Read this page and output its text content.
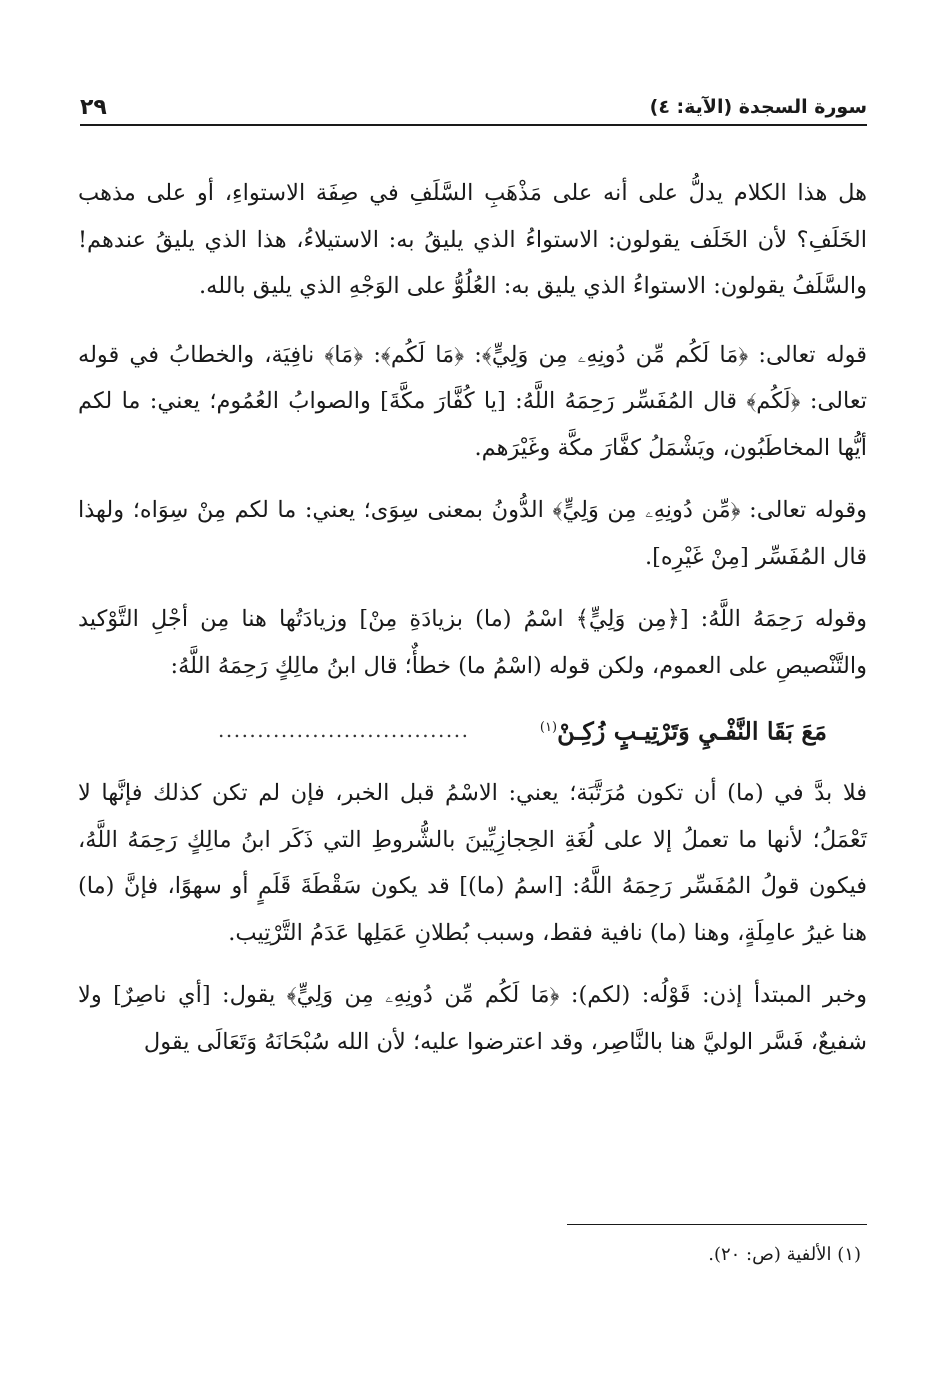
سورة السجدة (الآية: ٤)
٢٩

هل هذا الكلام يدلُّ على أنه على مَذْهَبِ السَّلَفِ في صِفَة الاستواءِ، أو على مذهب الخَلَفِ؟ لأن الخَلَف يقولون: الاستواءُ الذي يليقُ به: الاستيلاءُ، هذا الذي يليقُ عندهم! والسَّلَفُ يقولون: الاستواءُ الذي يليق به: العُلُوُّ على الوَجْهِ الذي يليق بالله.

قوله تعالى: ﴿مَا لَكُم مِّن دُونِهِۦ مِن وَلِيٍّ﴾: ﴿مَا لَكُم﴾: ﴿مَا﴾ نافِيَة، والخطابُ في قوله تعالى: ﴿لَكُم﴾ قال المُفَسِّر رَحِمَهُ اللَّهُ: [يا كُفَّارَ مكَّةَ] والصوابُ العُمُوم؛ يعني: ما لكم أيُّها المخاطَبُون، ويَشْمَلُ كفَّارَ مكَّة وغَيْرَهم.

وقوله تعالى: ﴿مِّن دُونِهِۦ مِن وَلِيٍّ﴾ الدُّونُ بمعنى سِوَى؛ يعني: ما لكم مِنْ سِوَاه؛ ولهذا قال المُفَسِّر [مِنْ غَيْرِه].

وقوله رَحِمَهُ اللَّهُ: [﴿مِن وَلِيٍّ﴾ اسْمُ (ما) بزيادَةِ مِنْ] وزيادَتُها هنا مِن أجْلِ التَّوْكيد والتَّنْصيصِ على العموم، ولكن قوله (اسْمُ ما) خطأٌ؛ قال ابنُ مالِكٍ رَحِمَهُ اللَّهُ:

مَعَ بَقَا النَّفْـيِ وَتَرْتِيـبٍ زُكِـنْ$^{(١)}$
................................

فلا بدَّ في (ما) أن تكون مُرَتَّبَة؛ يعني: الاسْمُ قبل الخبر، فإن لم تكن كذلك فإنَّها لا تَعْمَلُ؛ لأنها ما تعملُ إلا على لُغَةِ الحِجازِيِّينَ بالشُّروطِ التي ذَكَر ابنُ مالِكٍ رَحِمَهُ اللَّهُ، فيكون قولُ المُفَسِّر رَحِمَهُ اللَّهُ: [اسمُ (ما)] قد يكون سَقْطَةَ قَلَمٍ أو سهوًا، فإنَّ (ما) هنا غيرُ عامِلَةٍ، وهنا (ما) نافية فقط، وسبب بُطلانِ عَمَلِها عَدَمُ التَّرْتِيب.

وخبر المبتدأ إذن: قَوْلُه: (لكم): ﴿مَا لَكُم مِّن دُونِهِۦ مِن وَلِيٍّ﴾ يقول: [أي ناصِرٌ] ولا شفيعٌ، فَسَّر الوليَّ هنا بالنَّاصِر، وقد اعترضوا عليه؛ لأن الله سُبْحَانَهُ وَتَعَالَى يقول

(١) الألفية (ص: ٢٠).
